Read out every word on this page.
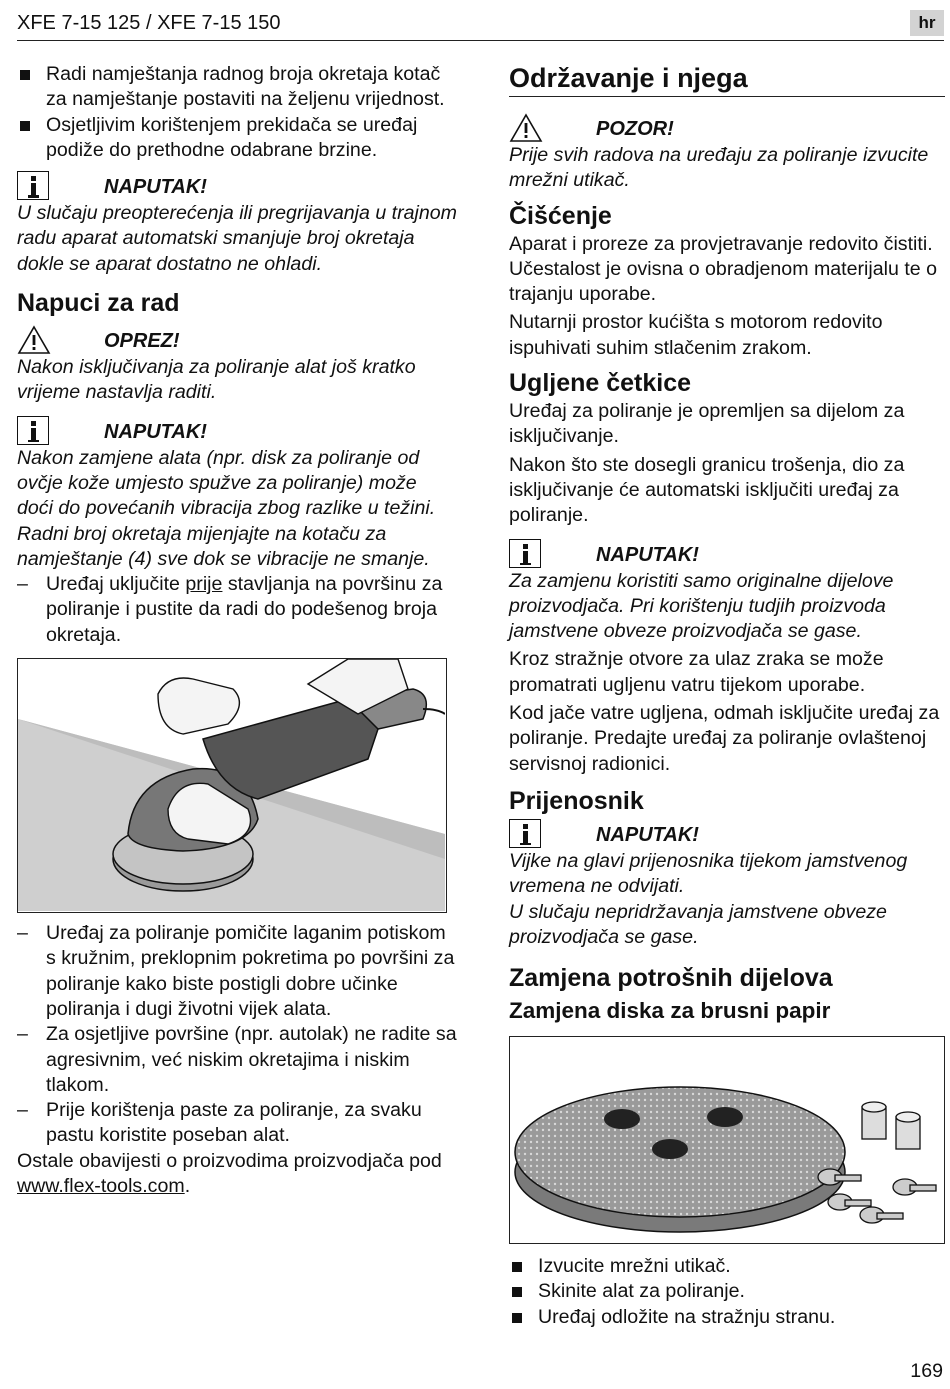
XFE 7-15 125 / XFE 7-15 150	hr

Radi namještanja radnog broja okretaja kotač za namještanje postaviti na željenu vrijednost.

Osjetljivim korištenjem prekidača se uređaj podiže do prethodne odabrane brzine.

NAPUTAK!

U slučaju preopterećenja ili pregrijavanja u trajnom radu aparat automatski smanjuje broj okretaja dokle se aparat dostatno ne ohladi.

Napuci za rad
OPREZ!

Nakon isključivanja za poliranje alat još kratko vrijeme nastavlja raditi.

NAPUTAK!

Nakon zamjene alata (npr. disk za poliranje od ovčje kože umjesto spužve za poliranje) može doći do povećanih vibracija zbog razlike u težini. Radni broj okretaja mijenjajte na kotaču za namještanje (4) sve dok se vibracije ne smanje.

– Uređaj uključite prije stavljanja na površinu za poliranje i pustite da radi do podešenog broja okretaja.

– Uređaj za poliranje pomičite laganim potiskom s kružnim, preklopnim pokretima po površini za poliranje kako biste postigli dobre učinke poliranja i dugi životni vijek alata.

– Za osjetljive površine (npr. autolak) ne radite sa agresivnim, već niskim okretajima i niskim tlakom.

– Prije korištenja paste za poliranje, za svaku pastu koristite poseban alat.

Ostale obavijesti o proizvodima proizvodjača pod www.flex-tools.com.

Održavanje i njega
POZOR!

Prije svih radova na uređaju za poliranje izvucite mrežni utikač.

Čišćenje

Aparat i proreze za provjetravanje redovito čistiti. Učestalost je ovisna o obradjenom materijalu te o trajanju uporabe.

Nutarnji prostor kućišta s motorom redovito ispuhivati suhim stlačenim zrakom.

Ugljene četkice

Uređaj za poliranje je opremljen sa dijelom za isključivanje.

Nakon što ste dosegli granicu trošenja, dio za isključivanje će automatski isključiti uređaj za poliranje.

NAPUTAK!

Za zamjenu koristiti samo originalne dijelove proizvodjača. Pri korištenju tudjih proizvoda jamstvene obveze proizvodjača se gase.

Kroz stražnje otvore za ulaz zraka se može promatrati ugljenu vatru tijekom uporabe.

Kod jače vatre ugljena, odmah isključite uređaj za poliranje. Predajte uređaj za poliranje ovlaštenoj servisnoj radionici.

Prijenosnik
NAPUTAK!

Vijke na glavi prijenosnika tijekom jamstvenog vremena ne odvijati.

U slučaju nepridržavanja jamstvene obveze proizvodjača se gase.

Zamjena potrošnih dijelova
Zamjena diska za brusni papir

Izvucite mrežni utikač.

Skinite alat za poliranje.

Uređaj odložite na stražnju stranu.

169
